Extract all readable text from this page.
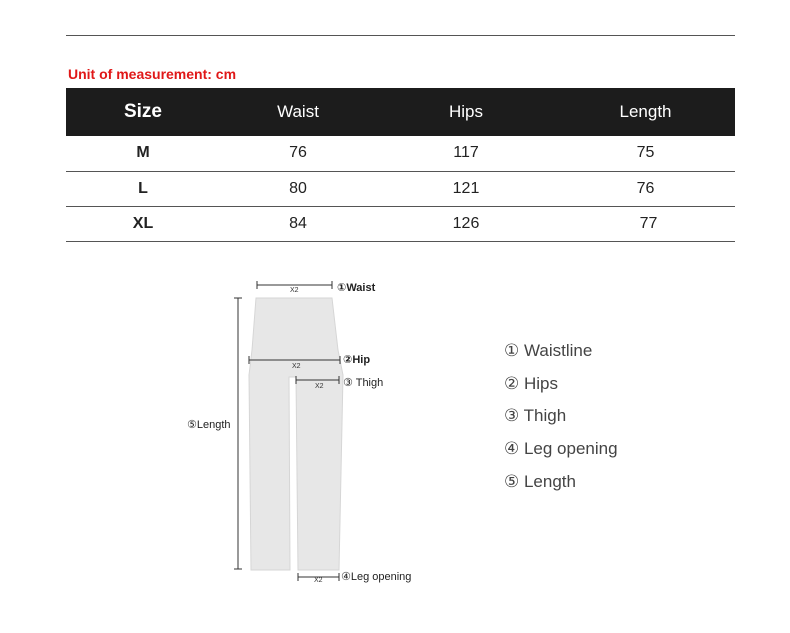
Unit of measurement: cm
Size	Waist	Hips	Length
M	76	117	75
L	80	121	76
XL	84	126	77
X2
X2
X2
X2
①Waist
②Hip
③ Thigh
⑤Length
④Leg opening
① Waistline
② Hips
③ Thigh
④ Leg opening
⑤ Length
